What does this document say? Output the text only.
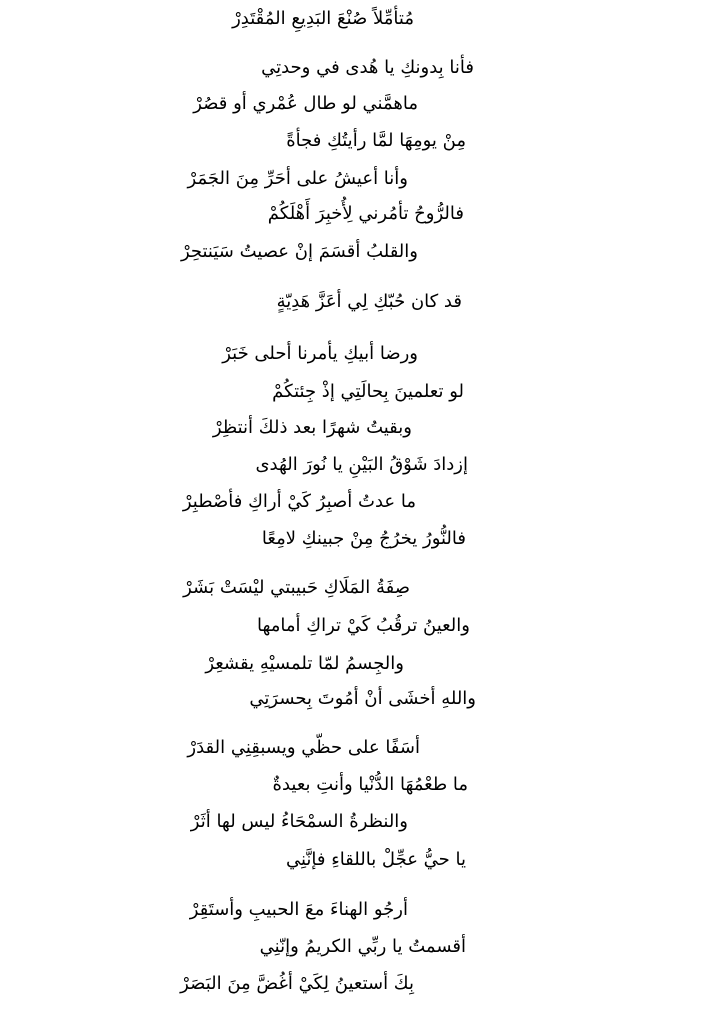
مُتأمِّلاً صُنْعَ البَدِيعِ المُقْتَدِرْ
فأنا بِدونكِ يا هُدى في وحدتِي
ماهمَّني لو طال عُمْري أو قصُرْ
مِنْ يومِهَا لمَّا رأيتُكِ فجأةً
وأنا أعيشُ على أحَرِّ مِنَ الجَمَرْ
فالرُّوحُ تأمُرني لِأُخبِرَ أَهْلَكُمْ
والقلبُ أقسَمَ إنْ عصيتُ سَيَنتحِرْ
قد كان حُبّكِ لِي أعَزَّ هَدِيّةٍ
ورضا أبيكِ يأمرنا أحلى خَبَرْ
لو تعلمينَ بِحالَتِي إذْ جِئتكُمْ
وبقيتُ شهرًا بعد ذلكَ أنتظِرْ
إزدادَ شَوْقُ البَيْنِ يا نُورَ الهُدى
ما عدتُ أصبِرُ كَيْ أراكِ فأصْطبِرْ
فالنُّورُ يخرُجُ مِنْ جبينكِ لامِعًا
صِفَةُ المَلَاكِ حَبيبتي ليْسَتْ بَشَرْ
والعينُ ترقُبُ كَيْ تراكِ أمامها
والجِسمُ لمّا تلمسيْهِ يقشعِرْ
واللهِ أخشَى أنْ أمُوتَ بِحسرَتِي
أسَفًا على حظّي ويسبقِنِي القدَرْ
ما طعْمُهَا الدُّنْيا وأنتِ بعيدةٌ
والنظرةُ السمْحَاءُ ليس لها أثَرْ
يا حيُّ عجِّلْ باللقاءِ فإنَّنِي
أرجُو الهناءَ معَ الحبيبِ وأستَقِرْ
أقسمتُ يا ربِّي الكريمُ وإنّنِي
بِكَ أستعينُ لِكَيْ أغُضَّ مِنَ البَصَرْ
